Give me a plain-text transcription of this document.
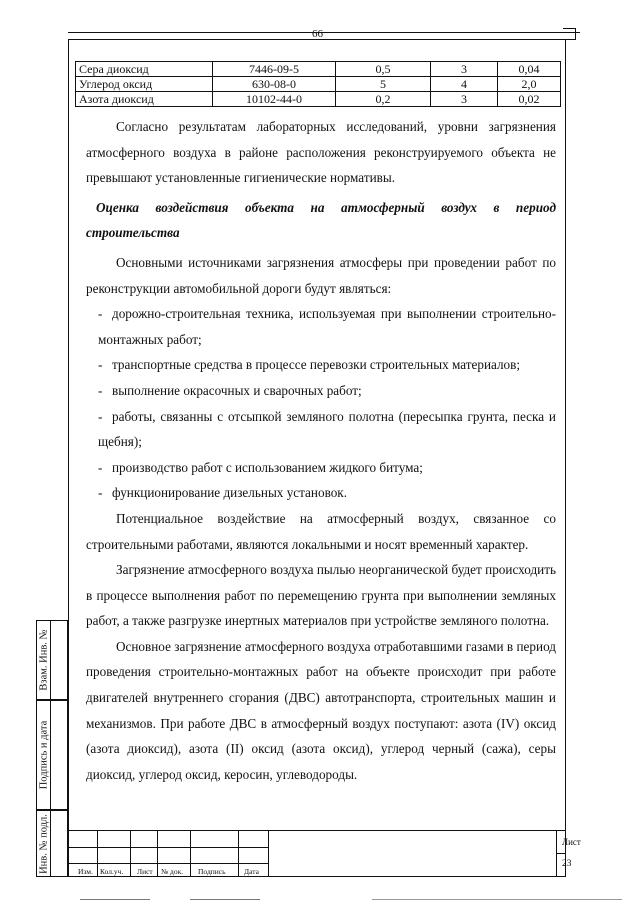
66
Сера диоксид	7446-09-5	0,5	3	0,04
Углерод оксид	630-08-0	5	4	2,0
Азота диоксид	10102-44-0	0,2	3	0,02

Согласно результатам лабораторных исследований, уровни загрязнения атмосферного воздуха в районе расположения реконструируемого объекта не превышают установленные гигиенические нормативы.

Оценка воздействия объекта на атмосферный воздух в период строительства

Основными источниками загрязнения атмосферы при проведении работ по реконструкции автомобильной дороги будут являться:

- дорожно-строительная техника, используемая при выполнении строительно-монтажных работ;

- транспортные средства в процессе перевозки строительных материалов;

- выполнение окрасочных и сварочных работ;

- работы, связанны с отсыпкой земляного полотна (пересыпка грунта, песка и щебня);

- производство работ с использованием жидкого битума;

- функционирование дизельных установок.

Потенциальное воздействие на атмосферный воздух, связанное со строительными работами, являются локальными и носят временный характер.

Загрязнение атмосферного воздуха пылью неорганической будет происходить в процессе выполнения работ по перемещению грунта при выполнении земляных работ, а также разгрузке инертных материалов при устройстве земляного полотна.

Основное загрязнение атмосферного воздуха отработавшими газами в период проведения строительно-монтажных работ на объекте происходит при работе двигателей внутреннего сгорания (ДВС) автотранспорта, строительных машин и механизмов. При работе ДВС в атмосферный воздух поступают: азота (IV) оксид (азота диоксид), азота (II) оксид (азота оксид), углерод черный (сажа), серы диоксид, углерод оксид, керосин, углеводороды.

Взам. Инв. №
Подпись и дата
Инв. № подл.	Изм. Кол.уч. Лист № док. Подпись Дата
Лист
23
